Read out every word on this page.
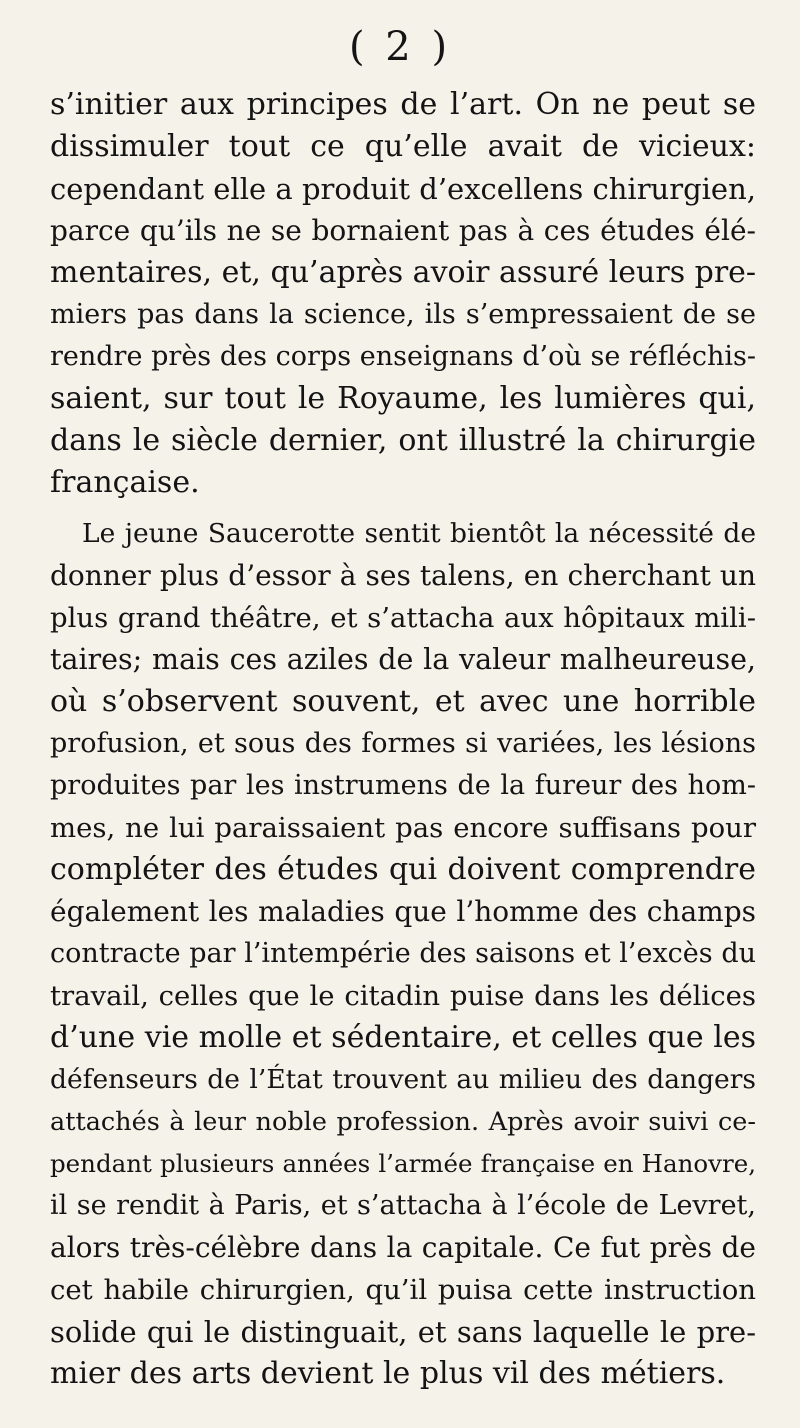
( 2 )
s’initier aux principes de l’art. On ne peut se
dissimuler tout ce qu’elle avait de vicieux:
cependant elle a produit d’excellens chirurgien,
parce qu’ils ne se bornaient pas à ces études élé-
mentaires, et, qu’après avoir assuré leurs pre-
miers pas dans la science, ils s’empressaient de se
rendre près des corps enseignans d’où se réfléchis-
saient, sur tout le Royaume, les lumières qui,
dans le siècle dernier, ont illustré la chirurgie
française.
Le jeune Saucerotte sentit bientôt la nécessité de
donner plus d’essor à ses talens, en cherchant un
plus grand théâtre, et s’attacha aux hôpitaux mili-
taires; mais ces aziles de la valeur malheureuse,
où s’observent souvent, et avec une horrible
profusion, et sous des formes si variées, les lésions
produites par les instrumens de la fureur des hom-
mes, ne lui paraissaient pas encore suffisans pour
compléter des études qui doivent comprendre
également les maladies que l’homme des champs
contracte par l’intempérie des saisons et l’excès du
travail, celles que le citadin puise dans les délices
d’une vie molle et sédentaire, et celles que les
défenseurs de l’État trouvent au milieu des dangers
attachés à leur noble profession. Après avoir suivi ce-
pendant plusieurs années l’armée française en Hanovre,
il se rendit à Paris, et s’attacha à l’école de Levret,
alors très-célèbre dans la capitale. Ce fut près de
cet habile chirurgien, qu’il puisa cette instruction
solide qui le distinguait, et sans laquelle le pre-
mier des arts devient le plus vil des métiers.
